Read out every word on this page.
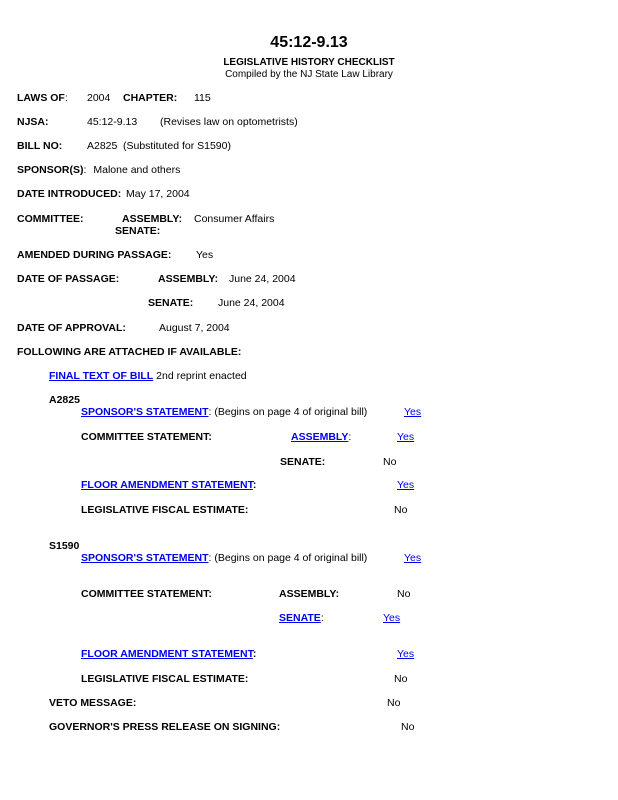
45:12-9.13
LEGISLATIVE HISTORY CHECKLIST
Compiled by the NJ State Law Library
LAWS OF: 2004 CHAPTER: 115
NJSA:	45:12-9.13 (Revises law on optometrists)
BILL NO: A2825 (Substituted for S1590)
SPONSOR(S): Malone and others
DATE INTRODUCED: May 17, 2004
COMMITTEE:	ASSEMBLY: Consumer Affairs
SENATE:
AMENDED DURING PASSAGE: Yes
DATE OF PASSAGE:	ASSEMBLY: June 24, 2004
SENATE: June 24, 2004
DATE OF APPROVAL:	August 7, 2004
FOLLOWING ARE ATTACHED IF AVAILABLE:
FINAL TEXT OF BILL 2nd reprint enacted
A2825
SPONSOR'S STATEMENT: (Begins on page 4 of original bill)	Yes
COMMITTEE STATEMENT:	ASSEMBLY:	Yes
SENATE:	No
FLOOR AMENDMENT STATEMENT:	Yes
LEGISLATIVE FISCAL ESTIMATE:	No
S1590
SPONSOR'S STATEMENT: (Begins on page 4 of original bill)	Yes
COMMITTEE STATEMENT:	ASSEMBLY:	No
SENATE:	Yes
FLOOR AMENDMENT STATEMENT:	Yes
LEGISLATIVE FISCAL ESTIMATE:	No
VETO MESSAGE:	No
GOVERNOR'S PRESS RELEASE ON SIGNING:	No
